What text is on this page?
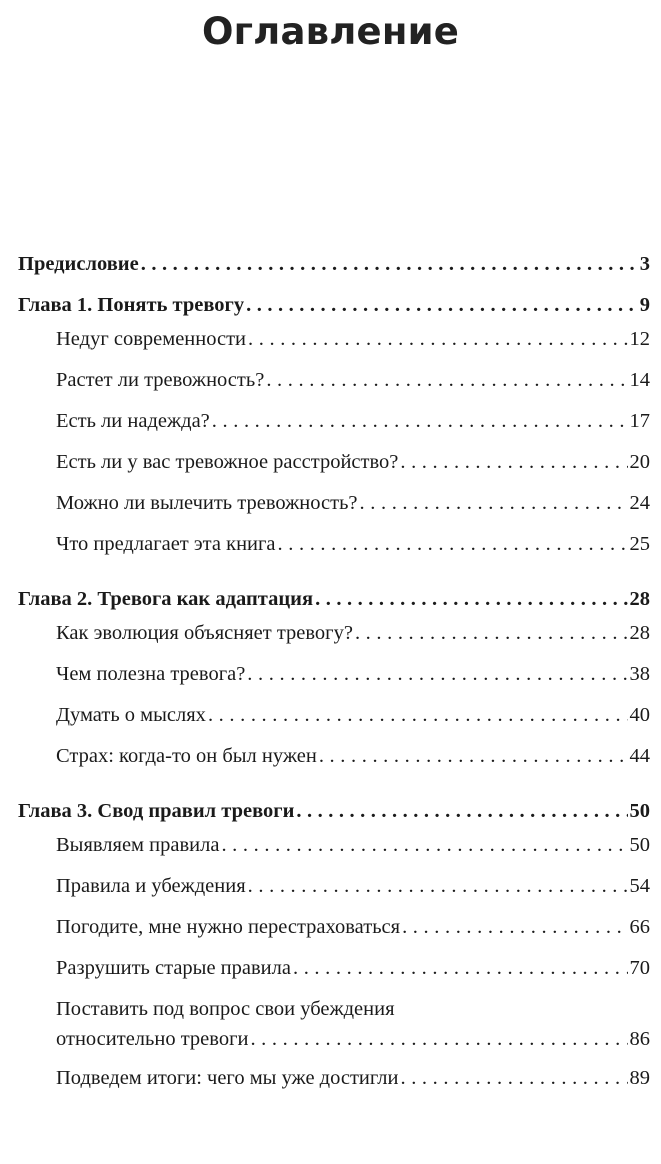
Оглавление
Предисловие .....	3
Глава 1. Понять тревогу .....	9
Недуг современности .....	12
Растет ли тревожность? .....	14
Есть ли надежда? .....	17
Есть ли у вас тревожное расстройство? .....	20
Можно ли вылечить тревожность? .....	24
Что предлагает эта книга .....	25
Глава 2. Тревога как адаптация .....	28
Как эволюция объясняет тревогу? .....	28
Чем полезна тревога? .....	38
Думать о мыслях .....	40
Страх: когда-то он был нужен .....	44
Глава 3. Свод правил тревоги .....	50
Выявляем правила .....	50
Правила и убеждения .....	54
Погодите, мне нужно перестраховаться .....	66
Разрушить старые правила .....	70
Поставить под вопрос свои убеждения
относительно тревоги .....	86
Подведем итоги: чего мы уже достигли .....	89
